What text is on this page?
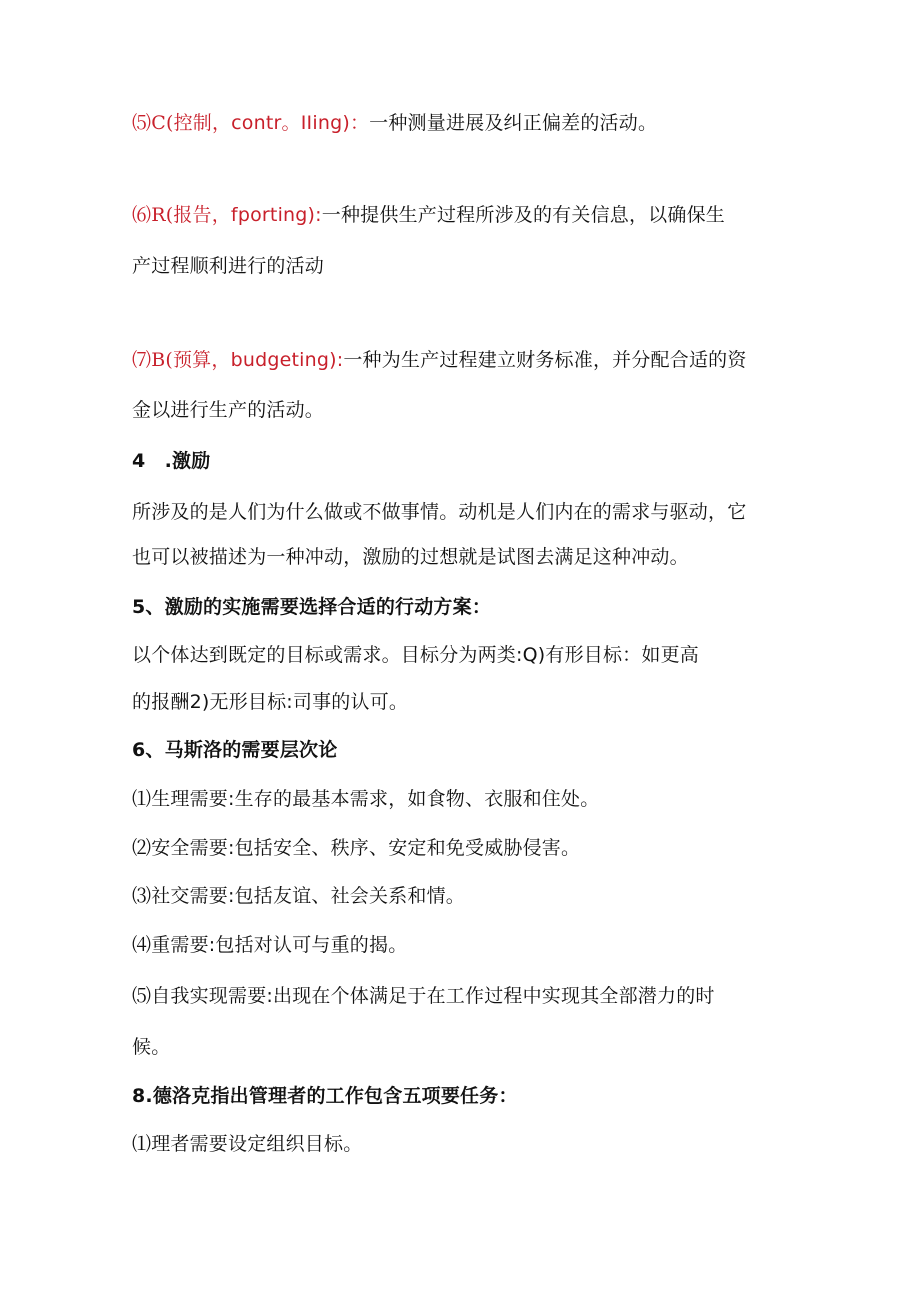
⑸C(控制，contr。IIing)：一种测量进展及纠正偏差的活动。
⑹R(报告，fporting):一种提供生产过程所涉及的有关信息，以确保生
产过程顺利进行的活动
⑺B(预算，budgeting):一种为生产过程建立财务标准，并分配合适的资
金以进行生产的活动。
4　.激励
所涉及的是人们为什么做或不做事情。动机是人们内在的需求与驱动，它
也可以被描述为一种冲动，激励的过想就是试图去满足这种冲动。
5、激励的实施需要选择合适的行动方案：
以个体达到既定的目标或需求。目标分为两类:Q)有形目标：如更高
的报酬2)无形目标:司事的认可。
6、马斯洛的需要层次论
⑴生理需要:生存的最基本需求，如食物、衣服和住处。
⑵安全需要:包括安全、秩序、安定和免受威胁侵害。
⑶社交需要:包括友谊、社会关系和情。
⑷重需要:包括对认可与重的揭。
⑸自我实现需要:出现在个体满足于在工作过程中实现其全部潜力的时
候。
8.德洛克指出管理者的工作包含五项要任务：
⑴理者需要设定组织目标。
